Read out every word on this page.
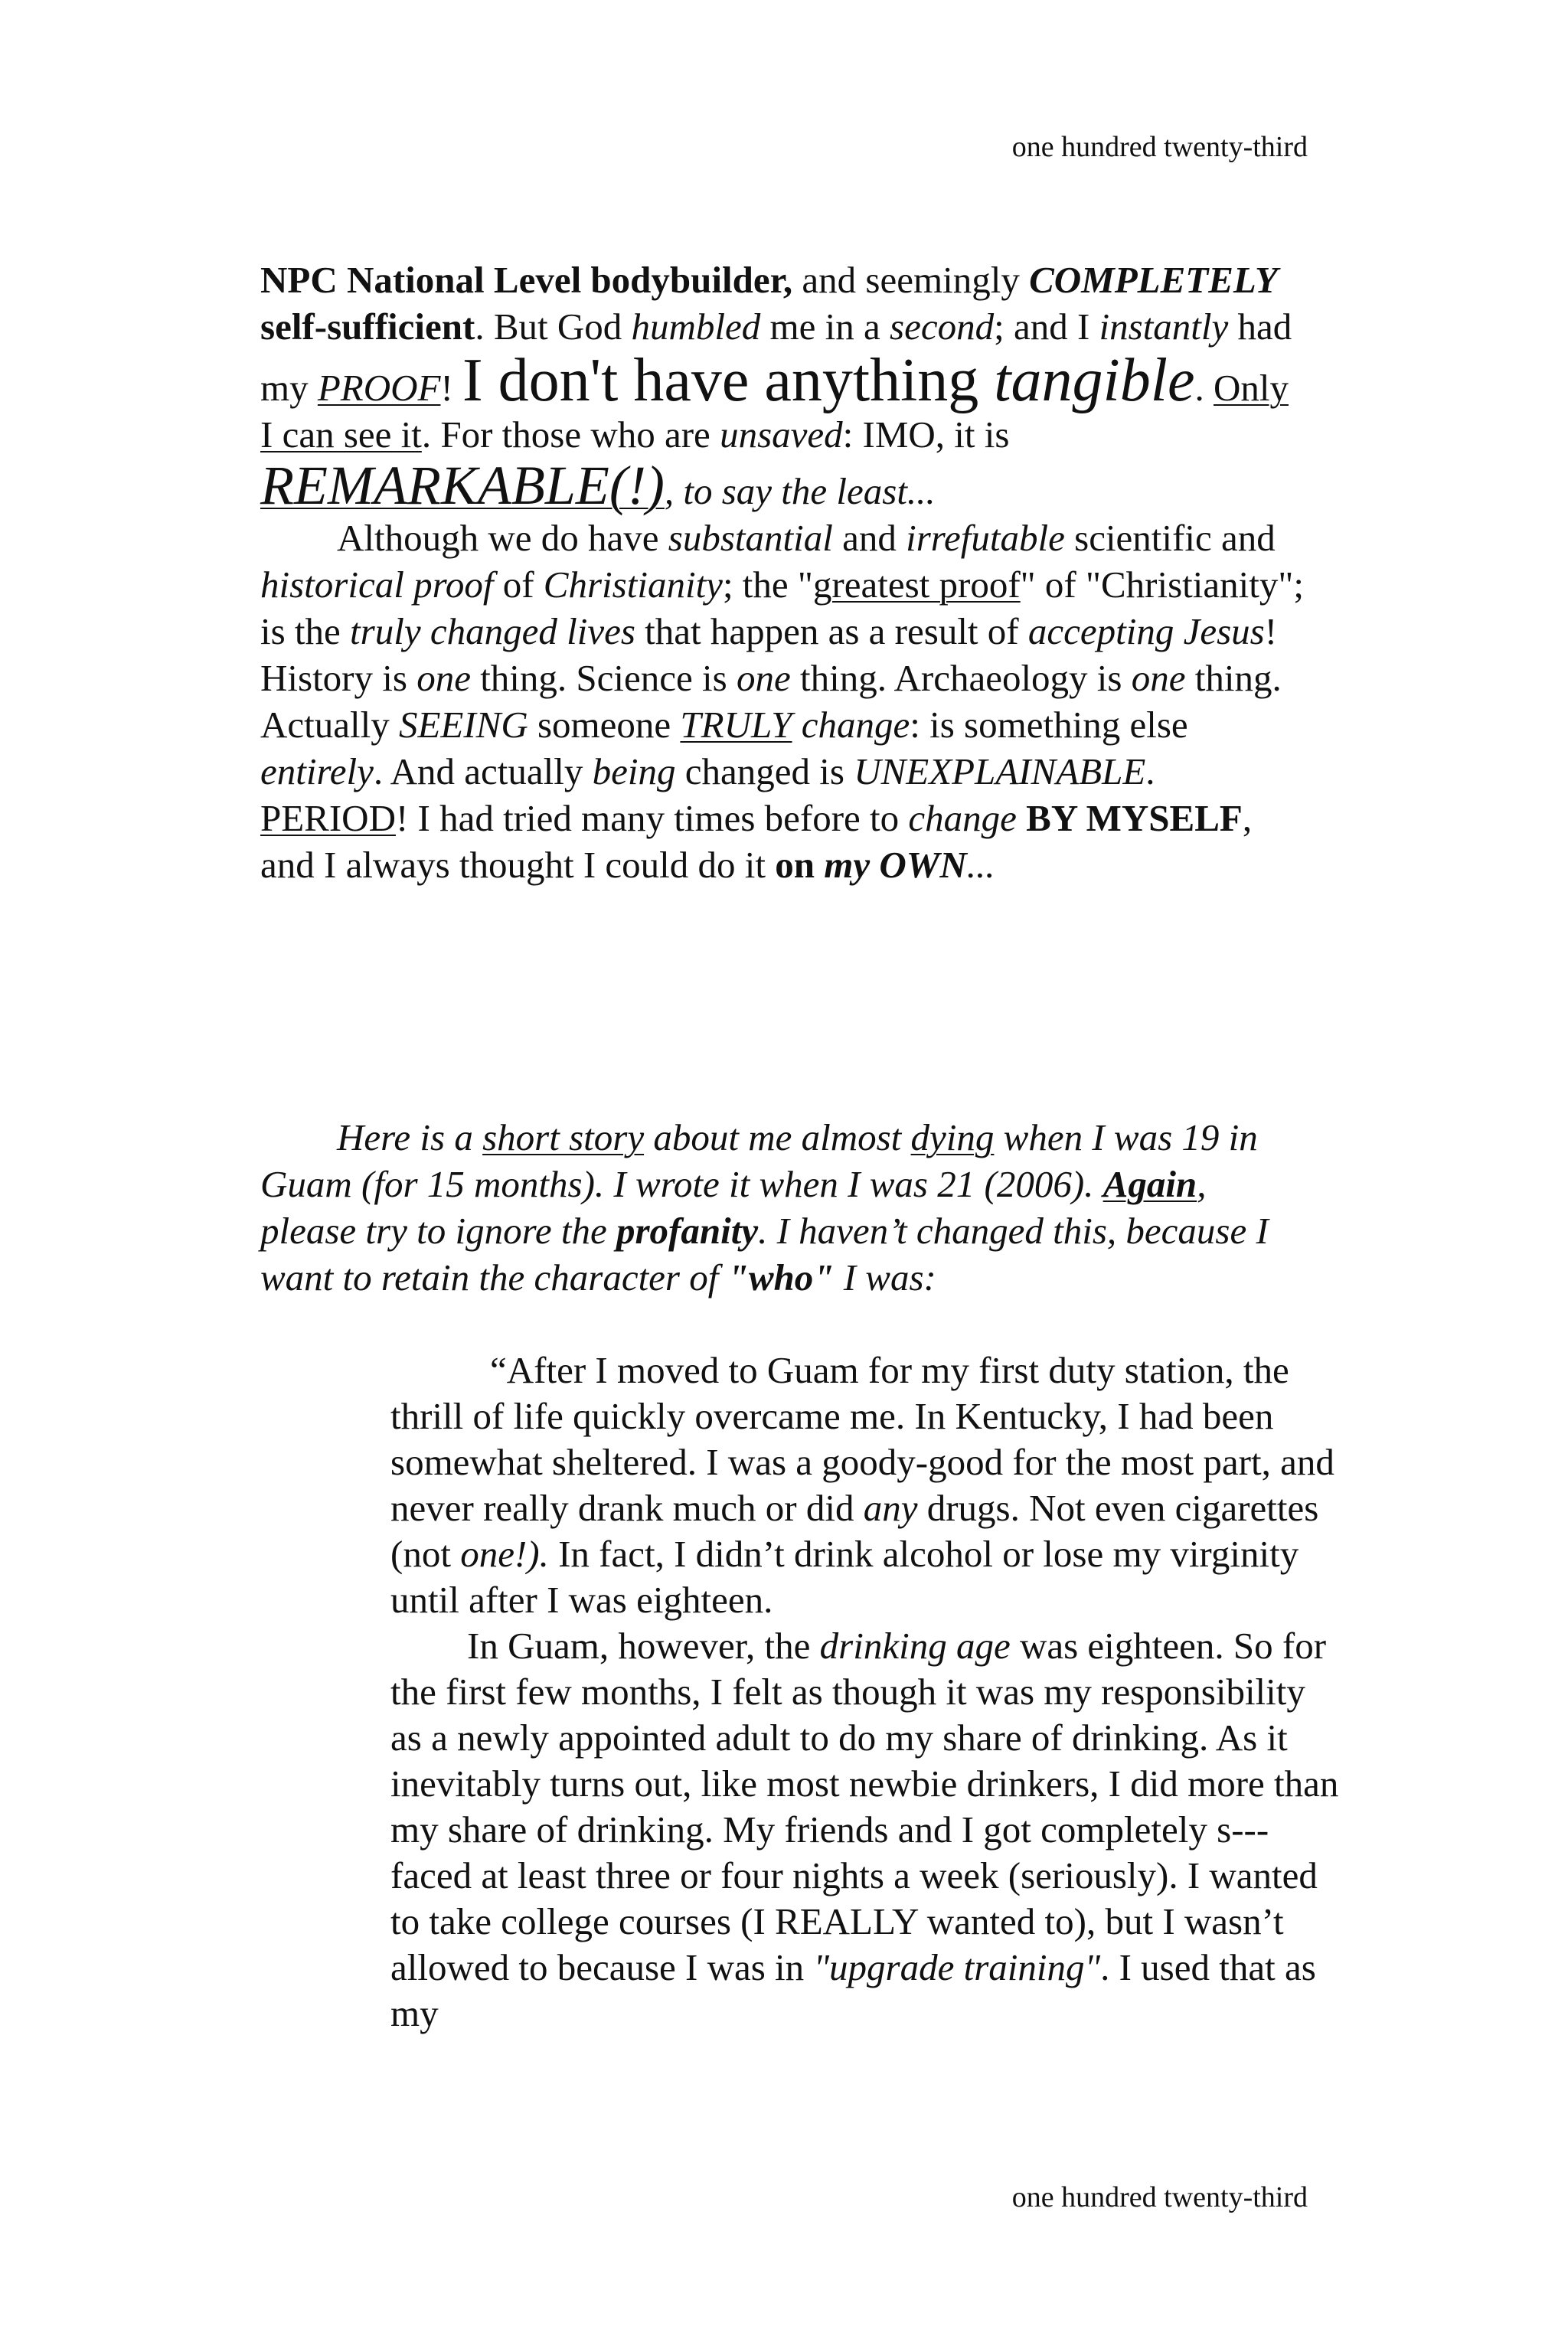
one hundred twenty-third

NPC National Level bodybuilder, and seemingly COMPLETELY self-sufficient. But God humbled me in a second; and I instantly had my PROOF! I don't have anything tangible. Only I can see it. For those who are unsaved: IMO, it is REMARKABLE(!), to say the least...

Although we do have substantial and irrefutable scientific and historical proof of Christianity; the "greatest proof" of "Christianity"; is the truly changed lives that happen as a result of accepting Jesus! History is one thing. Science is one thing. Archaeology is one thing. Actually SEEING someone TRULY change: is something else entirely. And actually being changed is UNEXPLAINABLE. PERIOD! I had tried many times before to change BY MYSELF, and I always thought I could do it on my OWN...

Here is a short story about me almost dying when I was 19 in Guam (for 15 months). I wrote it when I was 21 (2006). Again, please try to ignore the profanity. I haven’t changed this, because I want to retain the character of "who" I was:

“After I moved to Guam for my first duty station, the thrill of life quickly overcame me. In Kentucky, I had been somewhat sheltered. I was a goody-good for the most part, and never really drank much or did any drugs. Not even cigarettes (not one!). In fact, I didn’t drink alcohol or lose my virginity until after I was eighteen.

In Guam, however, the drinking age was eighteen. So for the first few months, I felt as though it was my responsibility as a newly appointed adult to do my share of drinking. As it inevitably turns out, like most newbie drinkers, I did more than my share of drinking. My friends and I got completely s---faced at least three or four nights a week (seriously). I wanted to take college courses (I REALLY wanted to), but I wasn’t allowed to because I was in "upgrade training". I used that as my

one hundred twenty-third
